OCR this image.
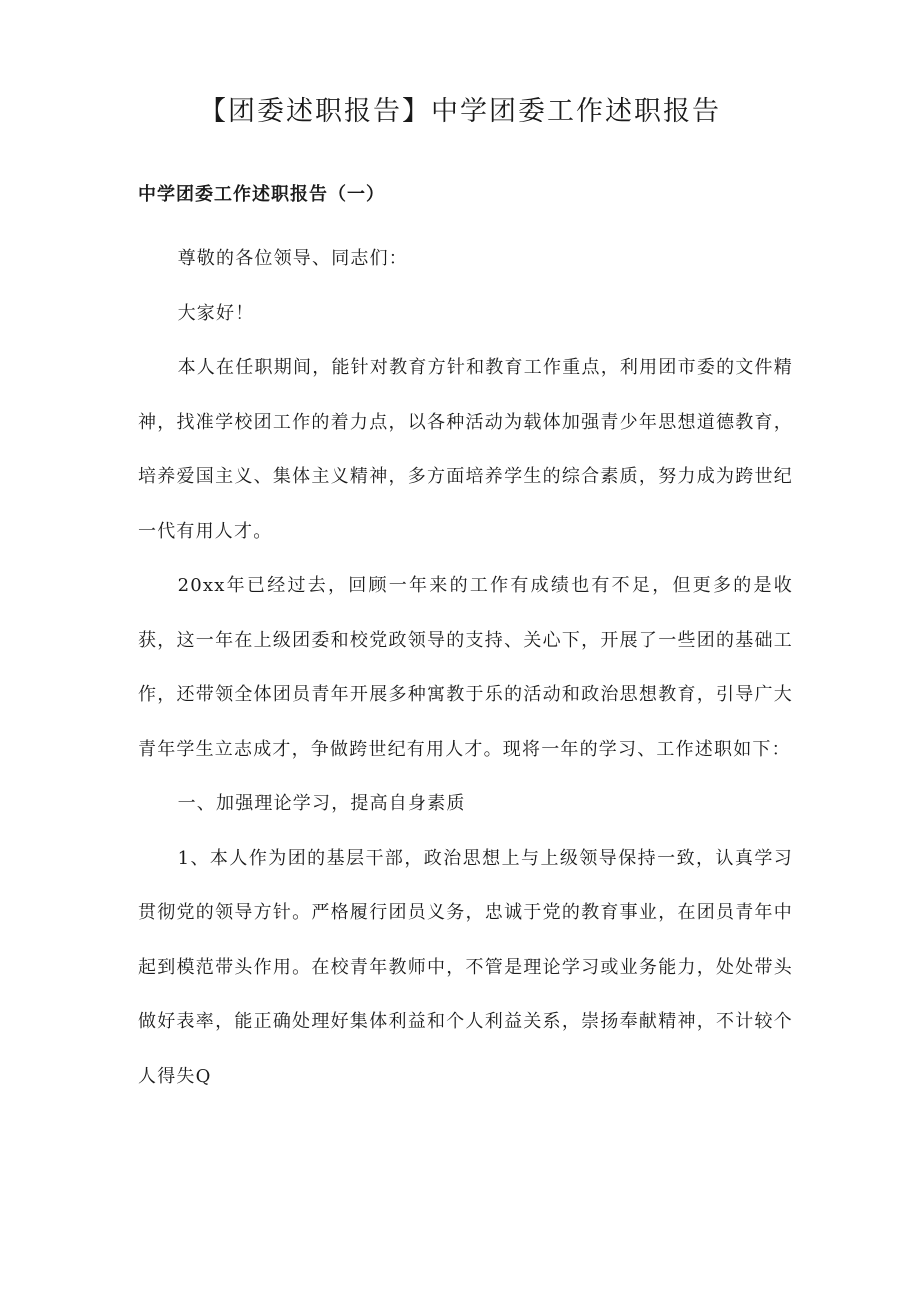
【团委述职报告】中学团委工作述职报告
中学团委工作述职报告（一）

尊敬的各位领导、同志们：

大家好！

本人在任职期间，能针对教育方针和教育工作重点，利用团市委的文件精神，找准学校团工作的着力点，以各种活动为载体加强青少年思想道德教育，培养爱国主义、集体主义精神，多方面培养学生的综合素质，努力成为跨世纪一代有用人才。

20xx年已经过去，回顾一年来的工作有成绩也有不足，但更多的是收获，这一年在上级团委和校党政领导的支持、关心下，开展了一些团的基础工作，还带领全体团员青年开展多种寓教于乐的活动和政治思想教育，引导广大青年学生立志成才，争做跨世纪有用人才。现将一年的学习、工作述职如下：

一、加强理论学习，提高自身素质

1、本人作为团的基层干部，政治思想上与上级领导保持一致，认真学习贯彻党的领导方针。严格履行团员义务，忠诚于党的教育事业，在团员青年中起到模范带头作用。在校青年教师中，不管是理论学习或业务能力，处处带头做好表率，能正确处理好集体利益和个人利益关系，崇扬奉献精神，不计较个人得失Q
